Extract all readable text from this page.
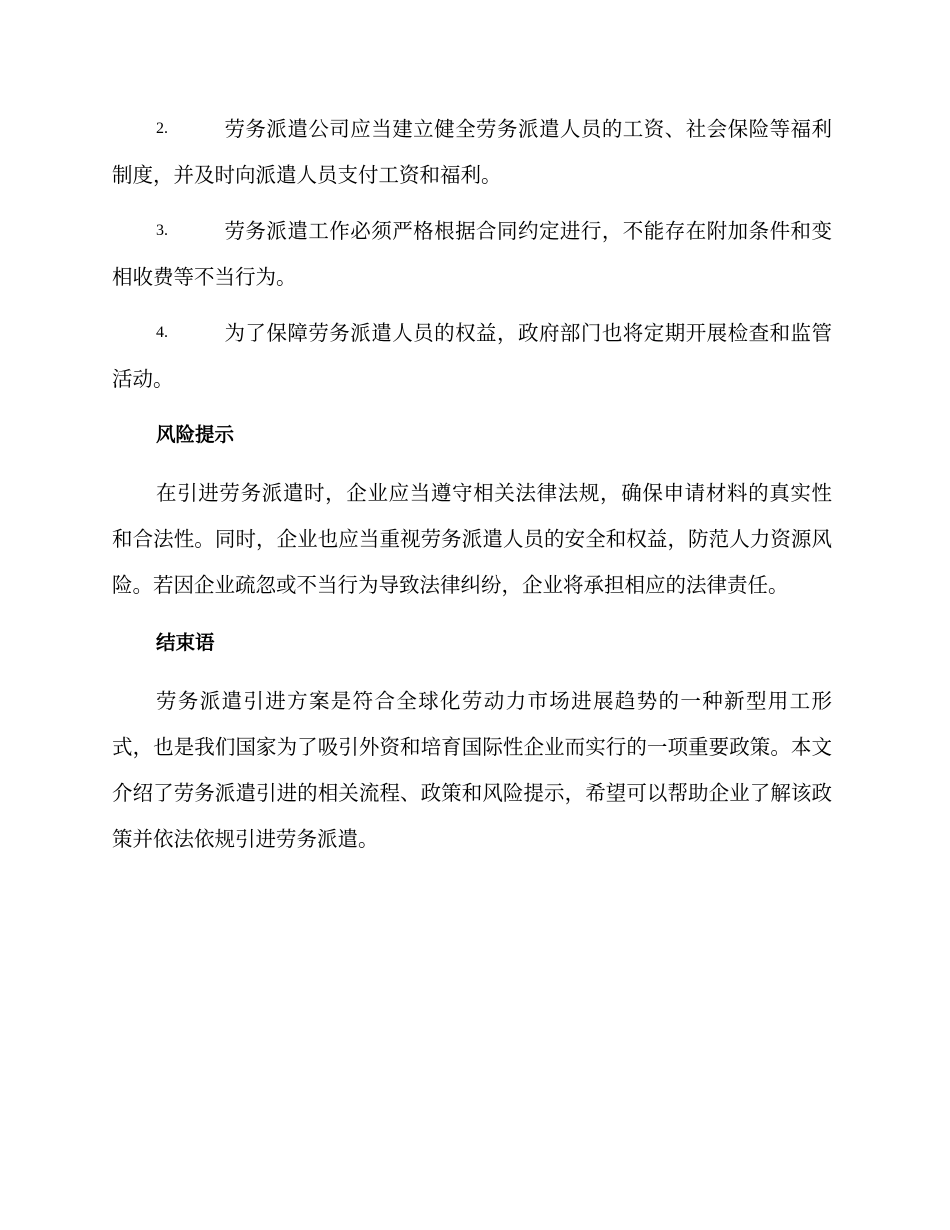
2.	劳务派遣公司应当建立健全劳务派遣人员的工资、社会保险等福利制度，并及时向派遣人员支付工资和福利。
3.	劳务派遣工作必须严格根据合同约定进行，不能存在附加条件和变相收费等不当行为。
4.	为了保障劳务派遣人员的权益，政府部门也将定期开展检查和监管活动。
风险提示

在引进劳务派遣时，企业应当遵守相关法律法规，确保申请材料的真实性和合法性。同时，企业也应当重视劳务派遣人员的安全和权益，防范人力资源风险。若因企业疏忽或不当行为导致法律纠纷，企业将承担相应的法律责任。

结束语

劳务派遣引进方案是符合全球化劳动力市场进展趋势的一种新型用工形式，也是我们国家为了吸引外资和培育国际性企业而实行的一项重要政策。本文介绍了劳务派遣引进的相关流程、政策和风险提示，希望可以帮助企业了解该政策并依法依规引进劳务派遣。
